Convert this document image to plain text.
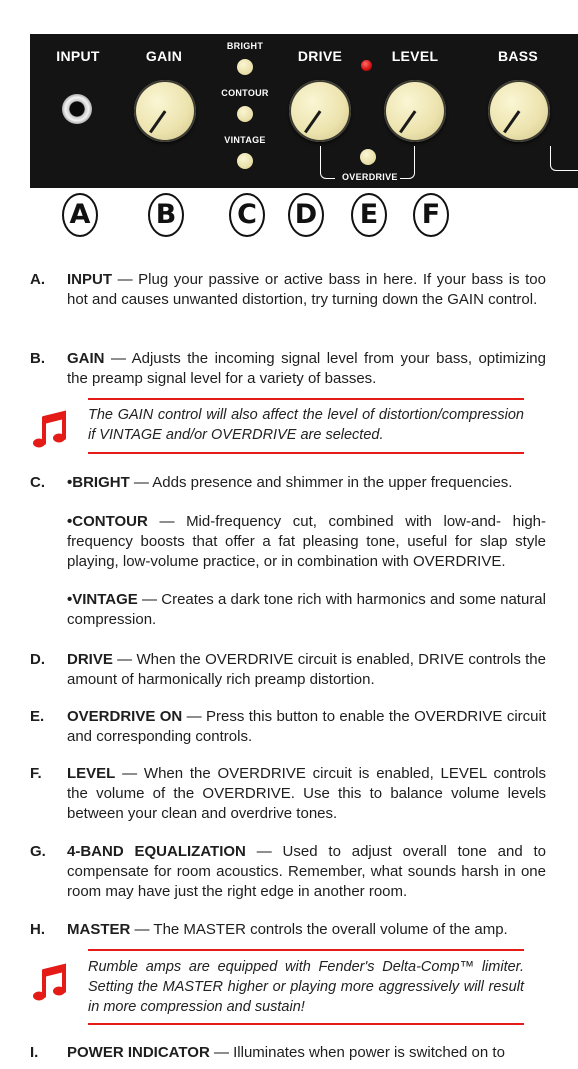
INPUT	GAIN
BRIGHT
CONTOUR
VINTAGE
DRIVE	LEVEL	BASS
OVERDRIVE
A B C D	E	F
A. INPUT — Plug your passive or active bass in here. If your bass is too hot and causes unwanted distortion, try turning down the GAIN control.
B. GAIN — Adjusts the incoming signal level from your bass, optimizing the preamp signal level for a variety of basses.
The GAIN control will also affect the level of distortion/compression if VINTAGE and/or OVERDRIVE are selected.
C. •BRIGHT — Adds presence and shimmer in the upper frequencies.
•CONTOUR — Mid-frequency cut, combined with low-and- high-frequency boosts that offer a fat pleasing tone, useful for slap style playing, low-volume practice, or in combination with OVERDRIVE.
•VINTAGE — Creates a dark tone rich with harmonics and some natural compression.
D. DRIVE — When the OVERDRIVE circuit is enabled, DRIVE controls the amount of harmonically rich preamp distortion.
E. OVERDRIVE ON — Press this button to enable the OVERDRIVE circuit and corresponding controls.
F. LEVEL — When the OVERDRIVE circuit is enabled, LEVEL controls the volume of the OVERDRIVE. Use this to balance volume levels between your clean and overdrive tones.
G. 4-BAND EQUALIZATION — Used to adjust overall tone and to compensate for room acoustics. Remember, what sounds harsh in one room may have just the right edge in another room.
H. MASTER — The MASTER controls the overall volume of the amp.
Rumble amps are equipped with Fender's Delta-Comp™ limiter. Setting the MASTER higher or playing more aggressively will result in more compression and sustain!
I. POWER INDICATOR — Illuminates when power is switched on to
